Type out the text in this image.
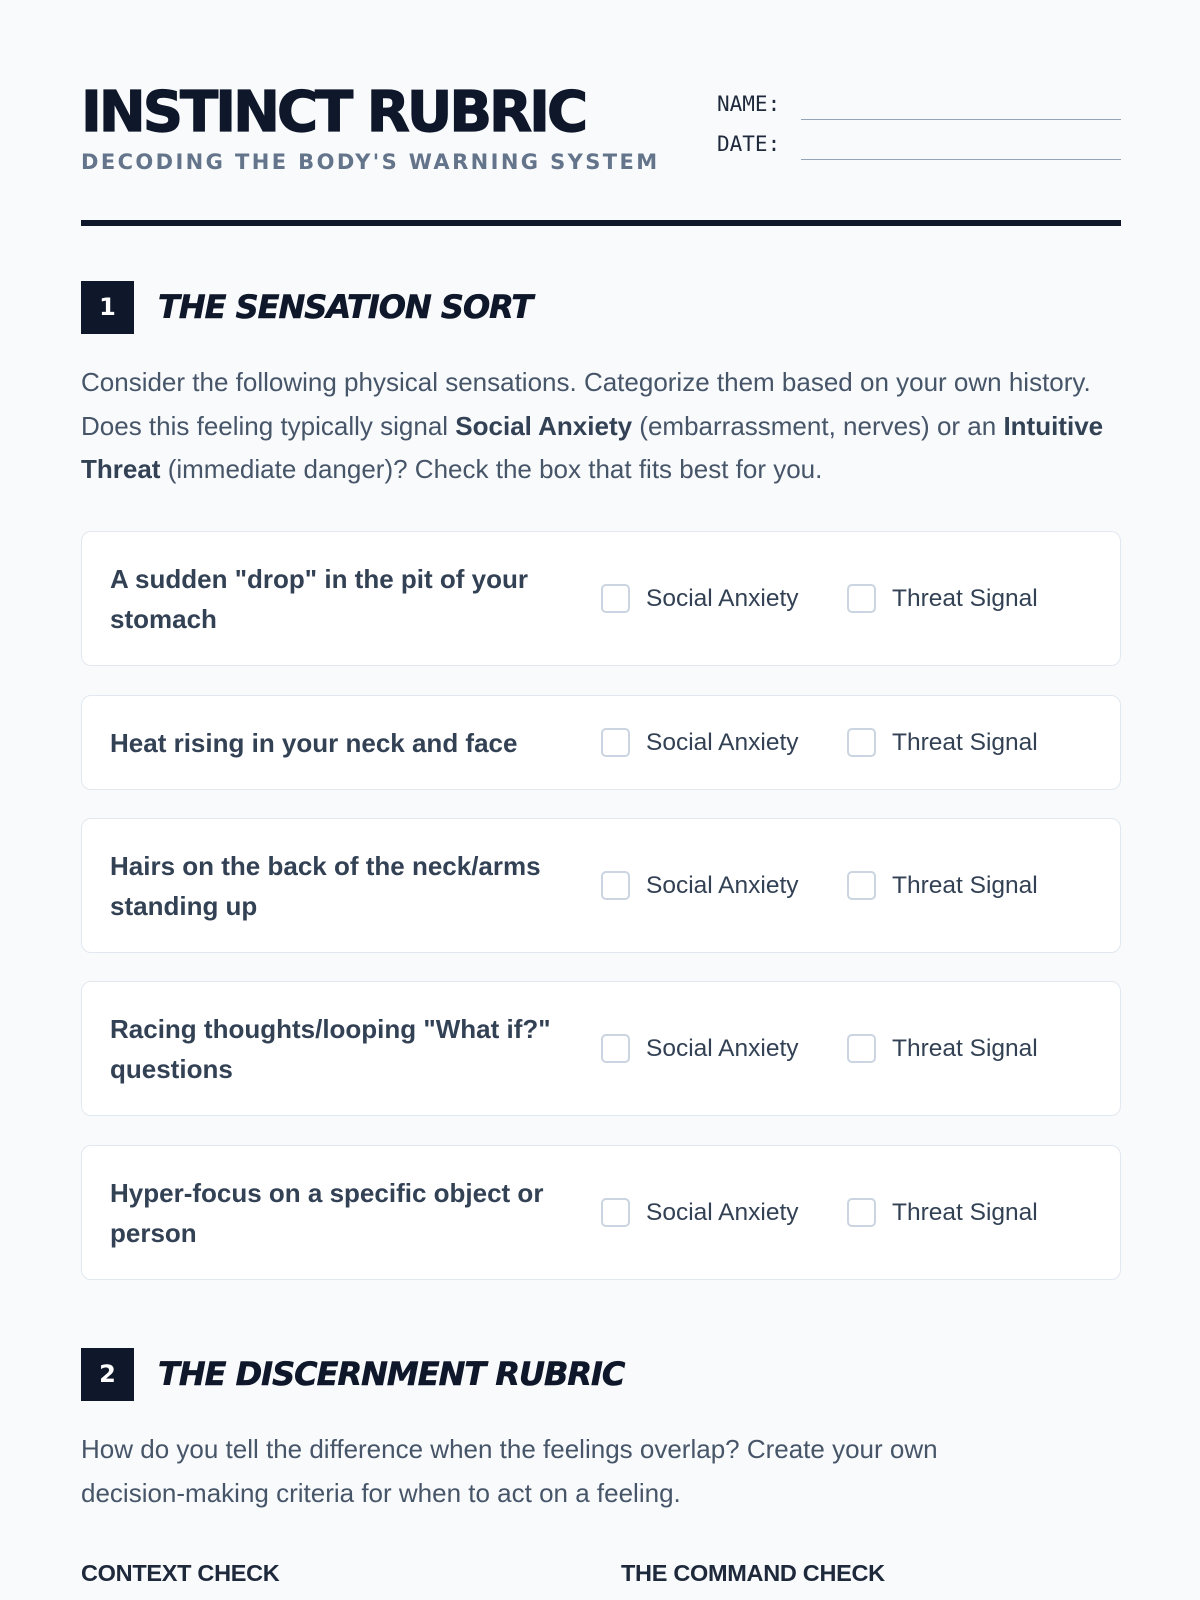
INSTINCT RUBRIC
DECODING THE BODY'S WARNING SYSTEM
NAME:
DATE:
1	THE SENSATION SORT

Consider the following physical sensations. Categorize them based on your own history. Does this feeling typically signal Social Anxiety (embarrassment, nerves) or an Intuitive Threat (immediate danger)? Check the box that fits best for you.

A sudden "drop" in the pit of your stomach
Social Anxiety	Threat Signal
Heat rising in your neck and face	Social Anxiety	Threat Signal
Hairs on the back of the neck/arms standing up
Social Anxiety	Threat Signal
Racing thoughts/looping "What if?" questions
Social Anxiety	Threat Signal
Hyper-focus on a specific object or person
Social Anxiety	Threat Signal
2	THE DISCERNMENT RUBRIC

How do you tell the difference when the feelings overlap? Create your own decision-making criteria for when to act on a feeling.

CONTEXT CHECK	THE COMMAND CHECK
